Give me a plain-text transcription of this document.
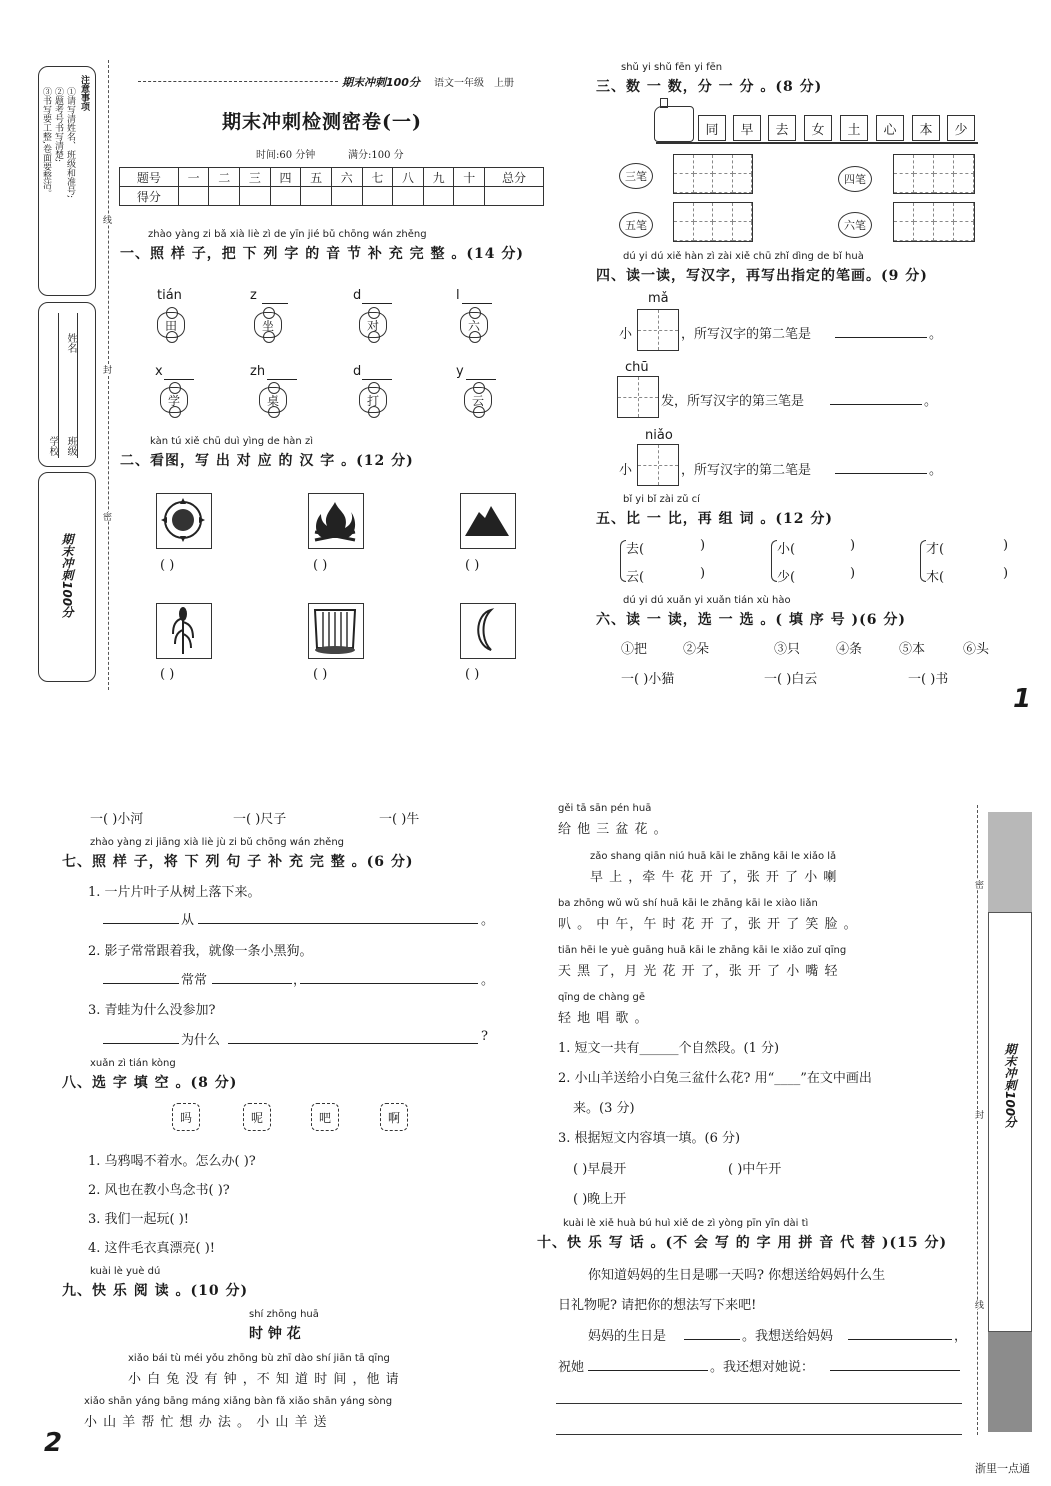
注意事项
①请写清姓名、班级和准号;
②题考号书写清楚;
③书写要工整,卷面要整洁。
学校 班级
姓名
期末冲刺100分
线
封
密
期末冲刺100分 语文一年级 上册
期末冲刺检测密卷(一)
时间:60 分钟	满分:100 分
题号	一	二	三	四	五	六	七	八	九	十	总分
得分											
zhào yàng zi bǎ xià liè zì de yīn jié bǔ chōng wán zhěng
一、照 样 子，把 下 列 字 的 音 节 补 充 完 整 。(14 分)
tián
田
z
坐
d
对
l
六
x
学
zh
桌
d
打
y
云
kàn tú xiě chū duì yìng de hàn zì
二、看图，写 出 对 应 的 汉 字 。(12 分)
( )	( )	( )
( )	( )	( )
shǔ yi shǔ fēn yi fēn
三、数 一 数，分 一 分 。(8 分)
同	早	去	女	土	心	本	少
三笔	四笔
五笔	六笔
dú yi dú xiě hàn zì zài xiě chū zhǐ dìng de bǐ huà
四、读一读，写汉字，再写出指定的笔画。(9 分)
mǎ
小	，所写汉字的第二笔是	。
chū
发，所写汉字的第三笔是	。
niǎo
小	，所写汉字的第二笔是	。
bǐ yi bǐ zài zǔ cí
五、比 一 比，再 组 词 。(12 分)
去(	)
云(	)
小(	)
少(	)
才(	)
木(	)
dú yi dú xuǎn yi xuǎn tián xù hào
六、读 一 读，选 一 选 。( 填 序 号 )(6 分)
①把	②朵	③只	④条	⑤本	⑥头
一( )小猫	一( )白云	一( )书
1
一( )小河	一( )尺子	一( )牛
zhào yàng zi jiāng xià liè jù zi bǔ chōng wán zhěng
七、照 样 子，将 下 列 句 子 补 充 完 整 。(6 分)
1. 一片片叶子从树上落下来。
从	。
2. 影子常常跟着我，就像一条小黑狗。
常常	，	。
3. 青蛙为什么没参加?
为什么	?
xuǎn zì tián kòng
八、选 字 填 空 。(8 分)
吗	呢	吧	啊
1. 乌鸦喝不着水。怎么办( )?
2. 风也在教小鸟念书( )?
3. 我们一起玩( )!
4. 这件毛衣真漂亮( )!
kuài lè yuè dú
九、快 乐 阅 读 。(10 分)
shí zhōng huā
时 钟 花
xiǎo bái tù méi yǒu zhōng bù zhī dào shí jiān tā qīng
小 白 兔 没 有 钟 ，不 知 道 时 间 ，他 请
xiǎo shān yáng bāng máng xiǎng bàn fǎ xiǎo shān yáng sòng
小 山 羊 帮 忙 想 办 法 。 小 山 羊 送
2
gěi tā sān pén huā
给 他 三 盆 花 。
zǎo shang qiān niú huā kāi le zhāng kāi le xiǎo lǎ
早 上 ，牵 牛 花 开 了，张 开 了 小 喇
ba zhōng wǔ wǔ shí huā kāi le zhāng kāi le xiào liǎn
叭 。 中 午，午 时 花 开 了，张 开 了 笑 脸 。
tiān hēi le yuè guāng huā kāi le zhāng kāi le xiǎo zuǐ qīng
天 黑 了，月 光 花 开 了，张 开 了 小 嘴 轻
qīng de chàng gē
轻 地 唱 歌 。
1. 短文一共有______个自然段。(1 分)
2. 小山羊送给小白兔三盆什么花? 用“____”在文中画出
来。(3 分)
3. 根据短文内容填一填。(6 分)
( )早晨开	( )中午开
( )晚上开
kuài lè xiě huà bú huì xiě de zì yòng pīn yīn dài tì
十、快 乐 写 话 。(不 会 写 的 字 用 拼 音 代 替 )(15 分)
你知道妈妈的生日是哪一天吗? 你想送给妈妈什么生
日礼物呢? 请把你的想法写下来吧!
妈妈的生日是	。我想送给妈妈	，
祝她	。我还想对她说：
密
封
线
期末冲刺100分
浙里一点通
